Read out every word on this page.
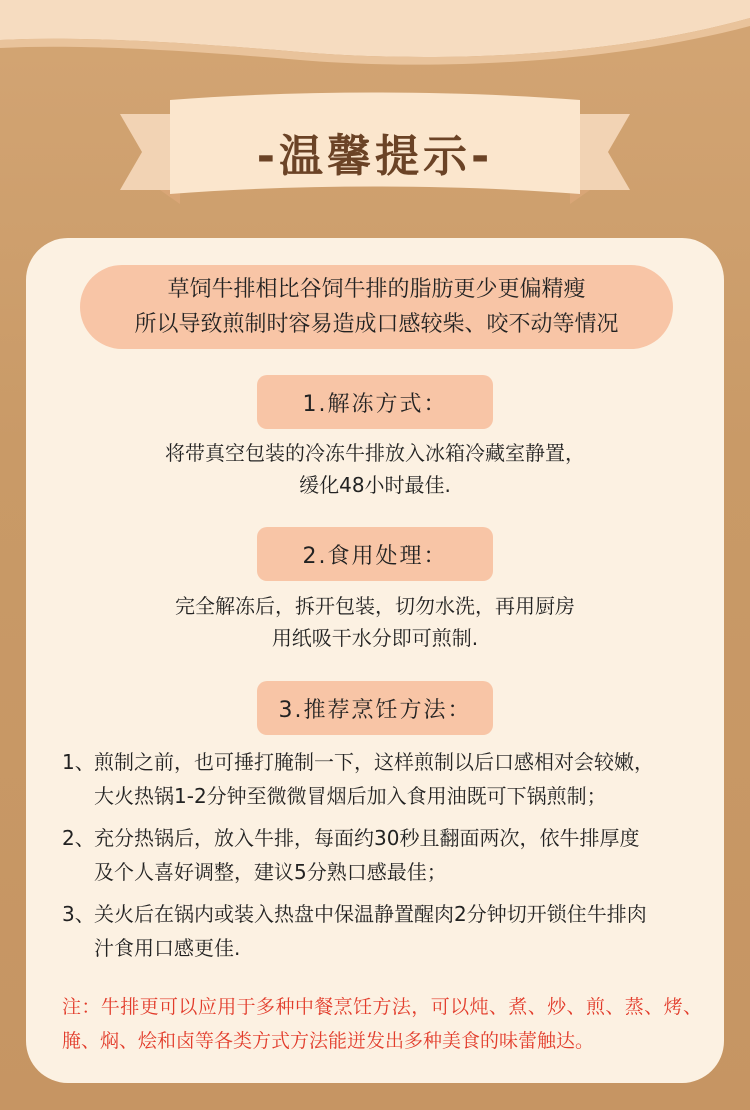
-温馨提示-
草饲牛排相比谷饲牛排的脂肪更少更偏精瘦
所以导致煎制时容易造成口感较柴、咬不动等情况
1.解冻方式：
将带真空包装的冷冻牛排放入冰箱冷藏室静置，
缓化48小时最佳.
2.食用处理：
完全解冻后，拆开包装，切勿水洗，再用厨房
用纸吸干水分即可煎制.
3.推荐烹饪方法：
1、 煎制之前，也可捶打腌制一下，这样煎制以后口感相对会较嫩，
大火热锅1-2分钟至微微冒烟后加入食用油既可下锅煎制；
2、 充分热锅后，放入牛排，每面约30秒且翻面两次，依牛排厚度
及个人喜好调整，建议5分熟口感最佳；
3、 关火后在锅内或装入热盘中保温静置醒肉2分钟切开锁住牛排肉
汁食用口感更佳.
注：牛排更可以应用于多种中餐烹饪方法，可以炖、煮、炒、煎、蒸、烤、腌、焖、烩和卤等各类方式方法能迸发出多种美食的味蕾触达。
